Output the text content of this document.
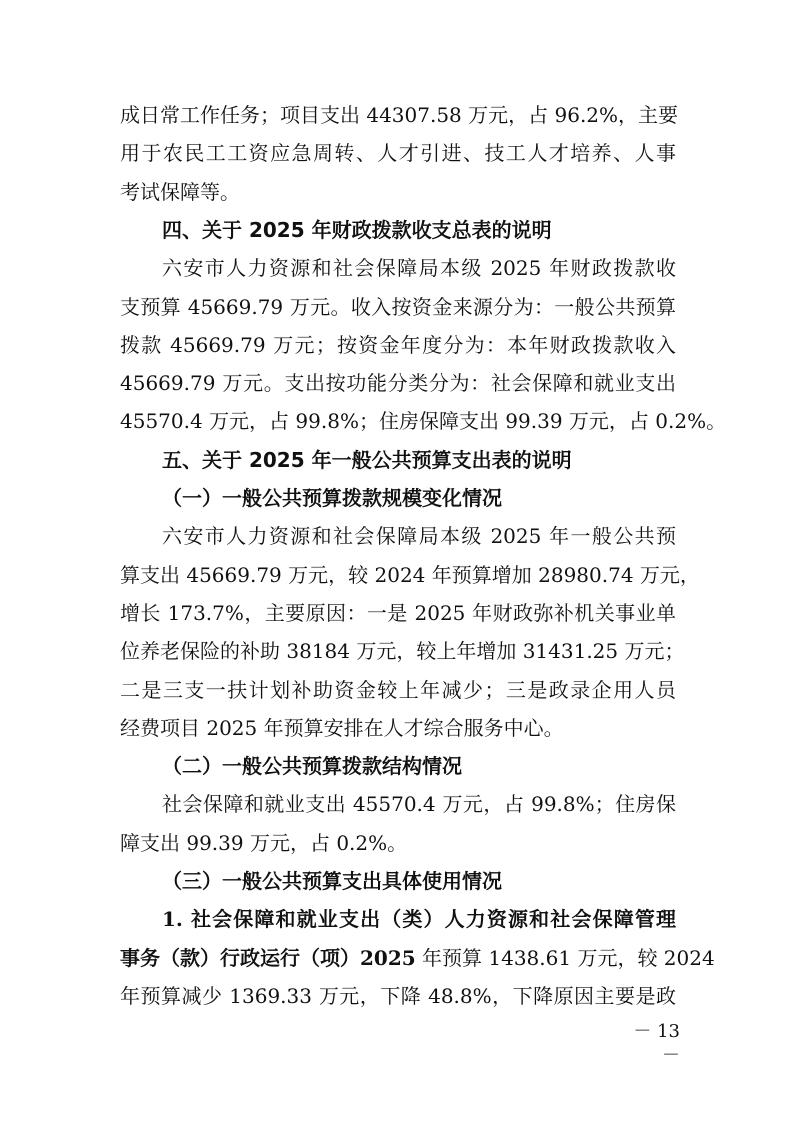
成日常工作任务；项目支出 44307.58 万元，占 96.2%，主要
用于农民工工资应急周转、人才引进、技工人才培养、人事
考试保障等。
四、关于 2025 年财政拨款收支总表的说明
六安市人力资源和社会保障局本级 2025 年财政拨款收
支预算 45669.79 万元。收入按资金来源分为：一般公共预算
拨款 45669.79 万元；按资金年度分为：本年财政拨款收入
45669.79 万元。支出按功能分类分为：社会保障和就业支出
45570.4 万元，占 99.8%；住房保障支出 99.39 万元，占 0.2%。
五、关于 2025 年一般公共预算支出表的说明
（一）一般公共预算拨款规模变化情况
六安市人力资源和社会保障局本级 2025 年一般公共预
算支出 45669.79 万元，较 2024 年预算增加 28980.74 万元，
增长 173.7%，主要原因：一是 2025 年财政弥补机关事业单
位养老保险的补助 38184 万元，较上年增加 31431.25 万元；
二是三支一扶计划补助资金较上年减少；三是政录企用人员
经费项目 2025 年预算安排在人才综合服务中心。
（二）一般公共预算拨款结构情况
社会保障和就业支出 45570.4 万元，占 99.8%；住房保
障支出 99.39 万元，占 0.2%。
（三）一般公共预算支出具体使用情况
1. 社会保障和就业支出（类）人力资源和社会保障管理
事务（款）行政运行（项）2025 年预算 1438.61 万元，较 2024
年预算减少 1369.33 万元，下降 48.8%，下降原因主要是政
－ 13 －
